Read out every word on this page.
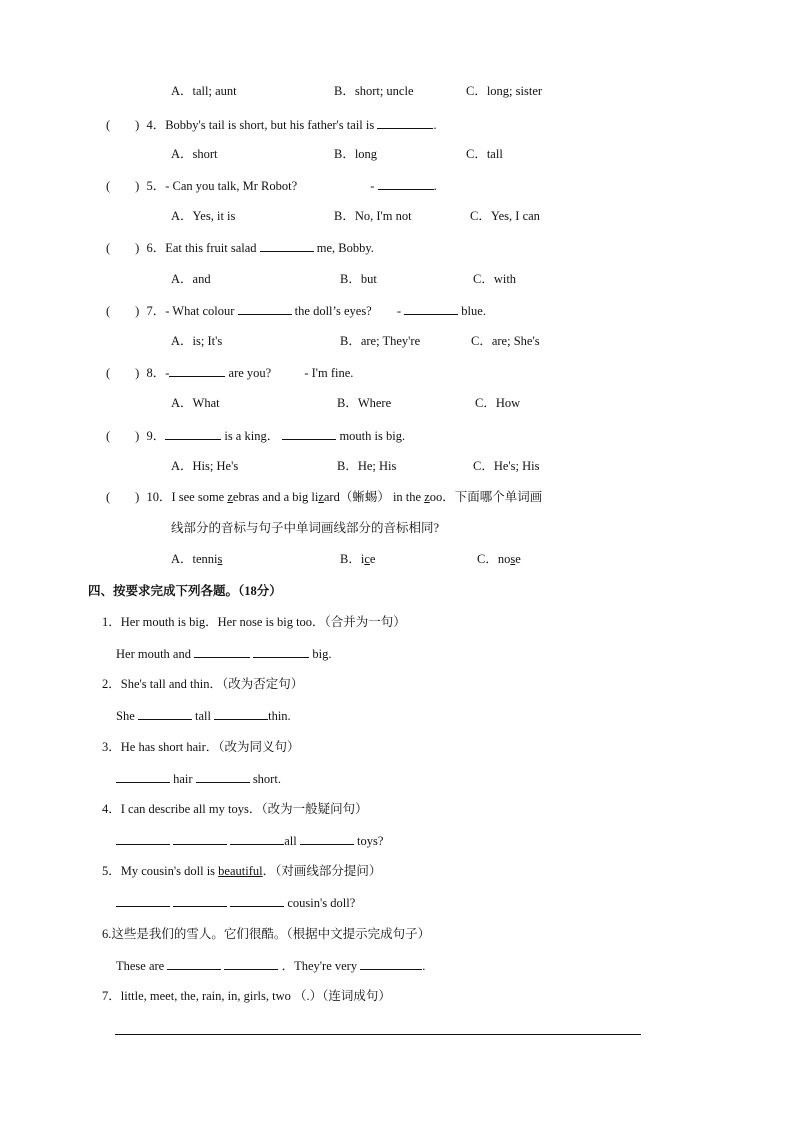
A．tall; aunt	B．short; uncle	C．long; sister
(　　) 4．Bobby's tail is short, but his father's tail is	.
A．short	B．long	C．tall
(　　) 5．- Can you talk, Mr Robot?	-	.
A．Yes, it is	B．No, I'm not	C．Yes, I can
(　　) 6．Eat this fruit salad	me, Bobby.
A．and	B．but	C．with
(　　) 7．- What colour	the doll’s eyes? -	blue.
A．is; It's	B．are; They're	C．are; She's
(　　) 8．-	are you?	- I'm fine.
A．What	B．Where	C．How
(　　) 9．	is a king．	mouth is big.
A．His; He's	B．He; His	C．He's; His
(　　) 10．I see some zebras and a big lizard（蜥蜴） in the zoo．下面哪个单词画
线部分的音标与句子中单词画线部分的音标相同?
A．tennis	B．ice	C．nose
四、按要求完成下列各题。（18分）
1．Her mouth is big．Her nose is big too．（合并为一句）
Her mouth and	big.
2．She's tall and thin．（改为否定句）
She	tall	thin.
3．He has short hair．（改为同义句）
hair	short.
4．I can describe all my toys．（改为一般疑问句）
all	toys?
5．My cousin's doll is beautiful．（对画线部分提问）
cousin's doll?
6.这些是我们的雪人。它们很酷。（根据中文提示完成句子）
These are	．They're very	.
7．little, meet, the, rain, in, girls, two （.）（连词成句）
